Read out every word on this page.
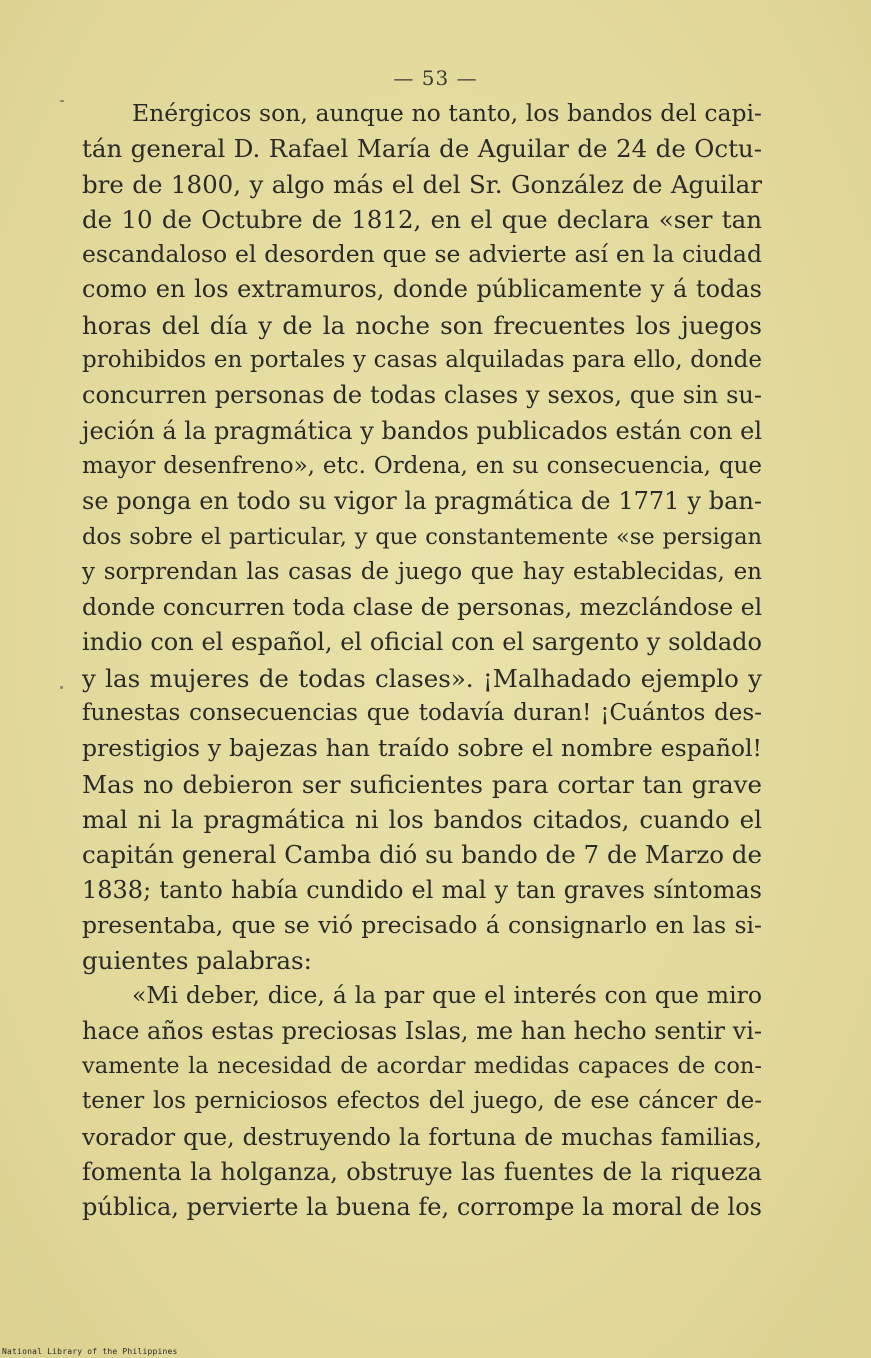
— 53 —
Enérgicos son, aunque no tanto, los bandos del capi-
tán general D. Rafael María de Aguilar de 24 de Octu-
bre de 1800, y algo más el del Sr. González de Aguilar
de 10 de Octubre de 1812, en el que declara «ser tan
escandaloso el desorden que se advierte así en la ciudad
como en los extramuros, donde públicamente y á todas
horas del día y de la noche son frecuentes los juegos
prohibidos en portales y casas alquiladas para ello, donde
concurren personas de todas clases y sexos, que sin su-
jeción á la pragmática y bandos publicados están con el
mayor desenfreno», etc. Ordena, en su consecuencia, que
se ponga en todo su vigor la pragmática de 1771 y ban-
dos sobre el particular, y que constantemente «se persigan
y sorprendan las casas de juego que hay establecidas, en
donde concurren toda clase de personas, mezclándose el
indio con el español, el oficial con el sargento y soldado
y las mujeres de todas clases». ¡Malhadado ejemplo y
funestas consecuencias que todavía duran! ¡Cuántos des-
prestigios y bajezas han traído sobre el nombre español!
Mas no debieron ser suficientes para cortar tan grave
mal ni la pragmática ni los bandos citados, cuando el
capitán general Camba dió su bando de 7 de Marzo de
1838; tanto había cundido el mal y tan graves síntomas
presentaba, que se vió precisado á consignarlo en las si-
guientes palabras:
«Mi deber, dice, á la par que el interés con que miro
hace años estas preciosas Islas, me han hecho sentir vi-
vamente la necesidad de acordar medidas capaces de con-
tener los perniciosos efectos del juego, de ese cáncer de-
vorador que, destruyendo la fortuna de muchas familias,
fomenta la holganza, obstruye las fuentes de la riqueza
pública, pervierte la buena fe, corrompe la moral de los
National Library of the Philippines
